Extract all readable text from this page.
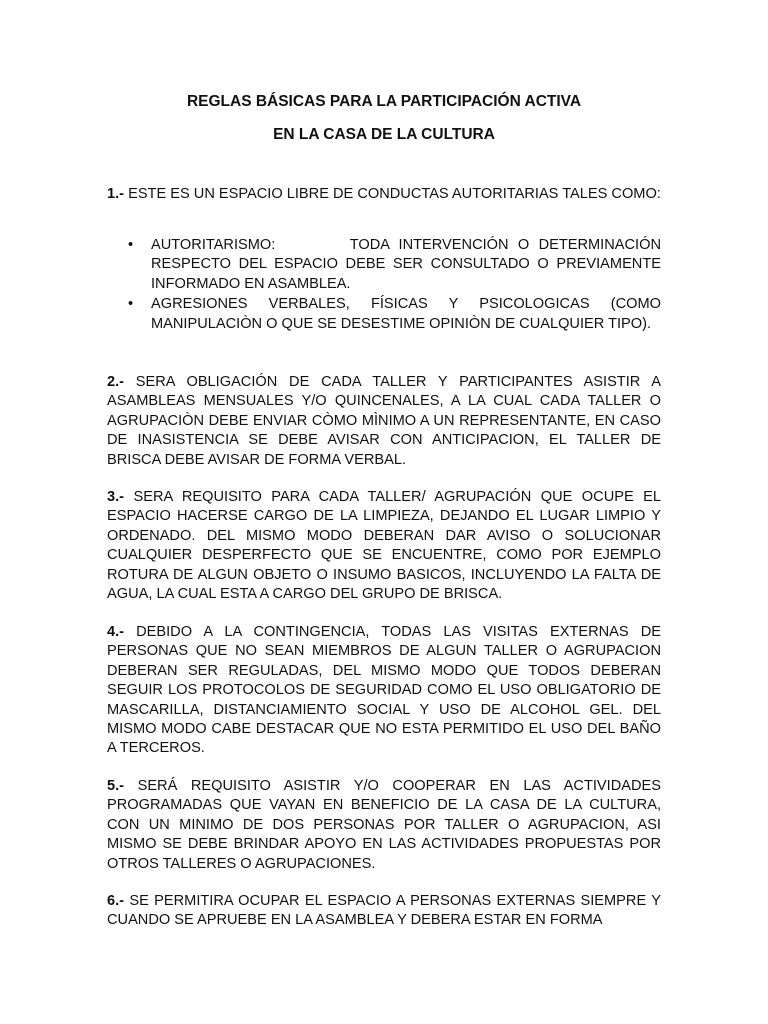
REGLAS BÁSICAS PARA LA PARTICIPACIÓN ACTIVA
EN LA CASA DE LA CULTURA

1.- ESTE ES UN ESPACIO LIBRE DE CONDUCTAS AUTORITARIAS TALES COMO:

• AUTORITARISMO:        TODA INTERVENCIÓN O DETERMINACIÓN RESPECTO DEL ESPACIO DEBE SER CONSULTADO O PREVIAMENTE INFORMADO EN ASAMBLEA.
• AGRESIONES VERBALES, FÍSICAS Y PSICOLOGICAS (COMO MANIPULACIÒN O QUE SE DESESTIME OPINIÒN DE CUALQUIER TIPO).

2.- SERA OBLIGACIÓN DE CADA TALLER Y PARTICIPANTES ASISTIR A ASAMBLEAS MENSUALES Y/O QUINCENALES, A LA CUAL CADA TALLER O AGRUPACIÒN DEBE ENVIAR CÒMO MÌNIMO A UN REPRESENTANTE, EN CASO DE INASISTENCIA SE DEBE AVISAR CON ANTICIPACION, EL TALLER DE BRISCA DEBE AVISAR DE FORMA VERBAL.

3.- SERA REQUISITO PARA CADA TALLER/ AGRUPACIÓN QUE OCUPE EL ESPACIO HACERSE CARGO DE LA LIMPIEZA, DEJANDO EL LUGAR LIMPIO Y ORDENADO. DEL MISMO MODO DEBERAN DAR AVISO O SOLUCIONAR CUALQUIER DESPERFECTO QUE SE ENCUENTRE, COMO POR EJEMPLO ROTURA DE ALGUN OBJETO O INSUMO BASICOS, INCLUYENDO LA FALTA DE AGUA, LA CUAL ESTA A CARGO DEL GRUPO DE BRISCA.

4.- DEBIDO A LA CONTINGENCIA, TODAS LAS VISITAS EXTERNAS DE PERSONAS QUE NO SEAN MIEMBROS DE ALGUN TALLER O AGRUPACION DEBERAN SER REGULADAS, DEL MISMO MODO QUE TODOS DEBERAN SEGUIR LOS PROTOCOLOS DE SEGURIDAD COMO EL USO OBLIGATORIO DE MASCARILLA, DISTANCIAMIENTO SOCIAL Y USO DE ALCOHOL GEL. DEL MISMO MODO CABE DESTACAR QUE NO ESTA PERMITIDO EL USO DEL BAÑO A TERCEROS.

5.- SERÁ REQUISITO ASISTIR Y/O COOPERAR EN LAS ACTIVIDADES PROGRAMADAS QUE VAYAN EN BENEFICIO DE LA CASA DE LA CULTURA, CON UN MINIMO DE DOS PERSONAS POR TALLER O AGRUPACION, ASI MISMO SE DEBE BRINDAR APOYO EN LAS ACTIVIDADES PROPUESTAS POR OTROS TALLERES O AGRUPACIONES.

6.- SE PERMITIRA OCUPAR EL ESPACIO A PERSONAS EXTERNAS SIEMPRE Y CUANDO SE APRUEBE EN LA ASAMBLEA Y DEBERA ESTAR EN FORMA
